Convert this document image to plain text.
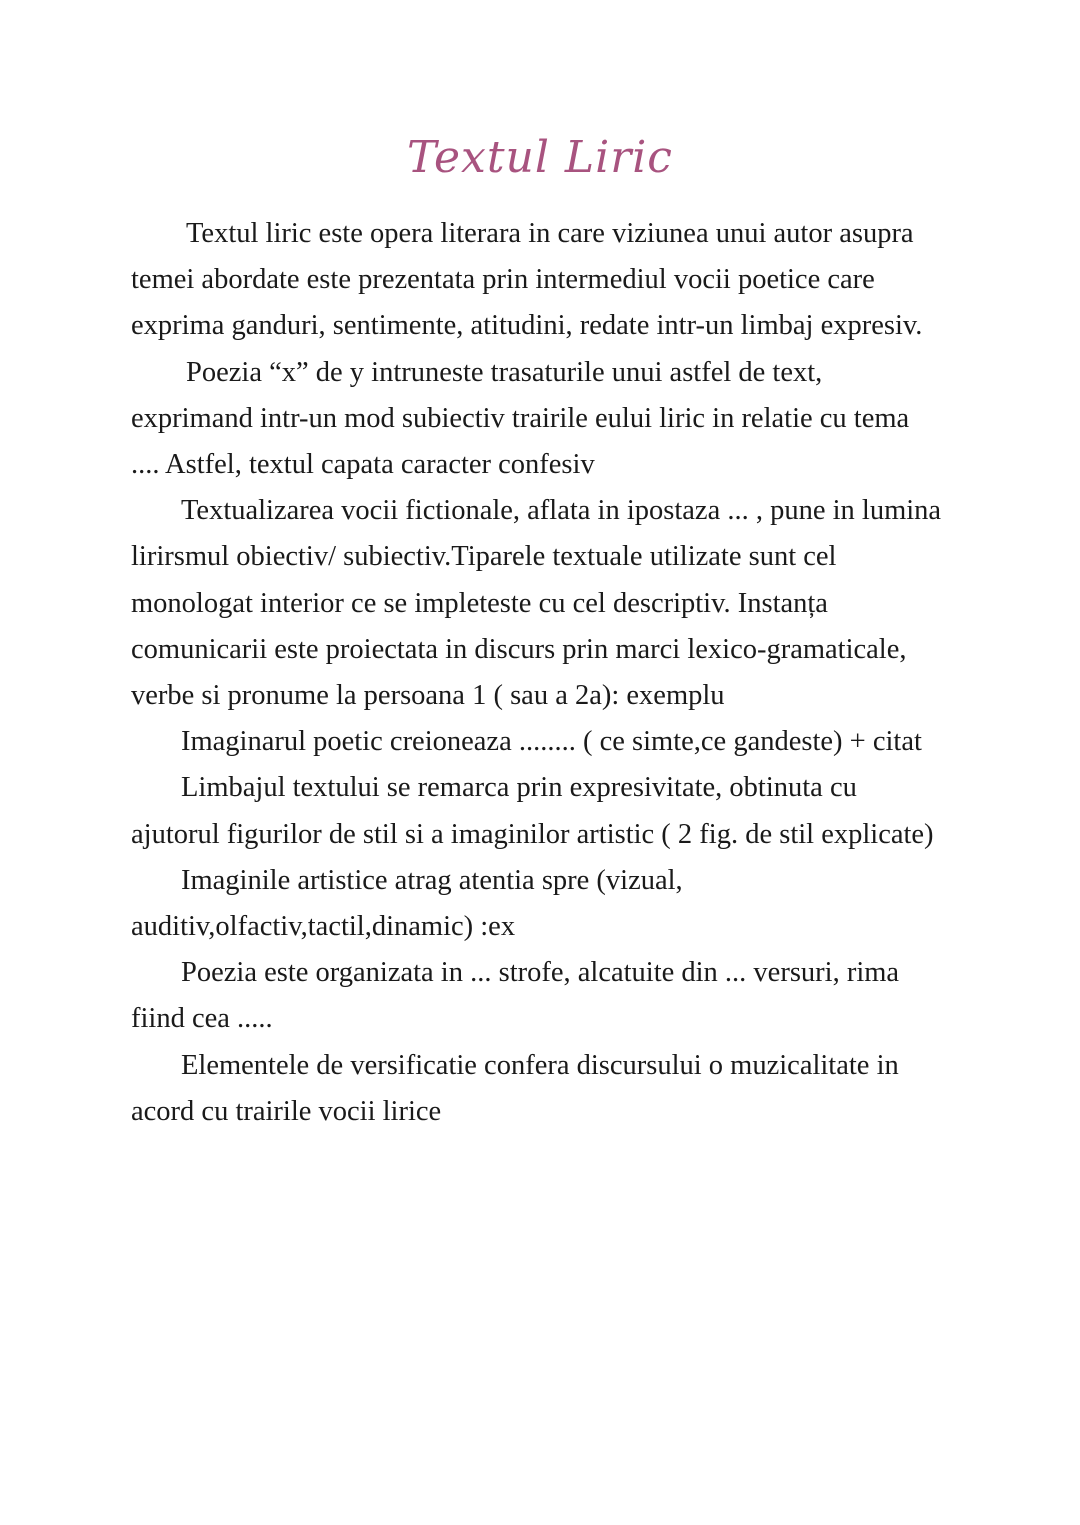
Textul Liric
Textul liric este opera literara in care viziunea unui autor asupra
temei abordate este prezentata prin intermediul vocii poetice care
exprima ganduri, sentimente, atitudini, redate intr-un limbaj expresiv.
Poezia “x” de y intruneste trasaturile unui astfel de text,
exprimand intr-un mod subiectiv trairile eului liric in relatie cu tema
.... Astfel, textul capata caracter confesiv
Textualizarea vocii fictionale, aflata in ipostaza ... , pune in lumina
lirirsmul obiectiv/ subiectiv.Tiparele textuale utilizate sunt cel
monologat interior ce se impleteste cu cel descriptiv. Instanța
comunicarii este proiectata in discurs prin marci lexico-gramaticale,
verbe si pronume la persoana 1 ( sau a 2a): exemplu
Imaginarul poetic creioneaza ........ ( ce simte,ce gandeste) + citat
Limbajul textului se remarca prin expresivitate, obtinuta cu
ajutorul figurilor de stil si a imaginilor artistic ( 2 fig. de stil explicate)
Imaginile artistice atrag atentia spre (vizual,
auditiv,olfactiv,tactil,dinamic) :ex
Poezia este organizata in ... strofe, alcatuite din ... versuri, rima
fiind cea .....
Elementele de versificatie confera discursului o muzicalitate in
acord cu trairile vocii lirice
